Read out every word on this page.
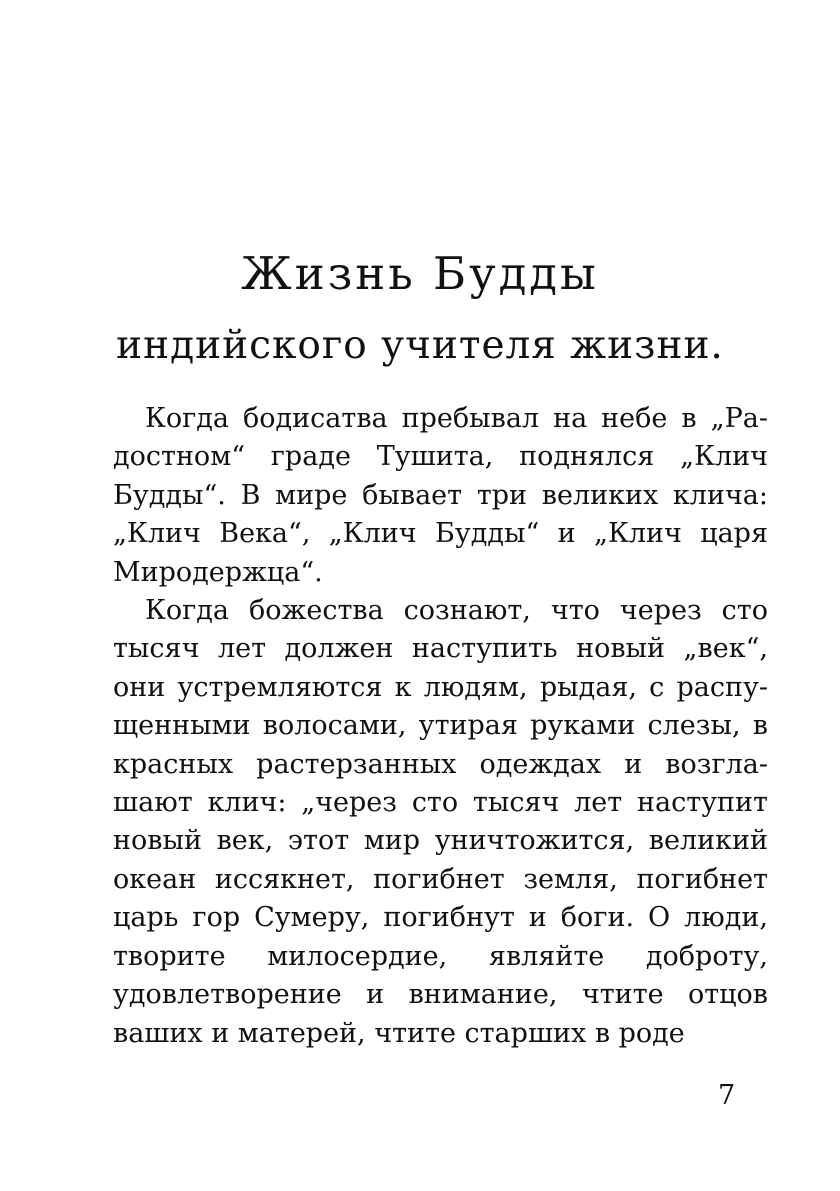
Жизнь Будды
индийского учителя жизни.

Когда бодисатва пребывал на небе в „Радостном“ граде Тушита, поднялся „Клич Будды“. В мире бывает три великих клича: „Клич Века“, „Клич Будды“ и „Клич царя Миродержца“.

Когда божества сознают, что через сто тысяч лет должен наступить новый „век“, они устремляются к людям, рыдая, с распущенными волосами, утирая руками слезы, в красных растерзанных одеждах и возглашают клич: „через сто тысяч лет наступит новый век, этот мир уничтожится, великий океан иссякнет, погибнет земля, погибнет царь гор Сумеру, погибнут и боги. О люди, творите милосердие, являйте доброту, удовлетворение и внимание, чтите отцов ваших и матерей, чтите старших в роде

7
